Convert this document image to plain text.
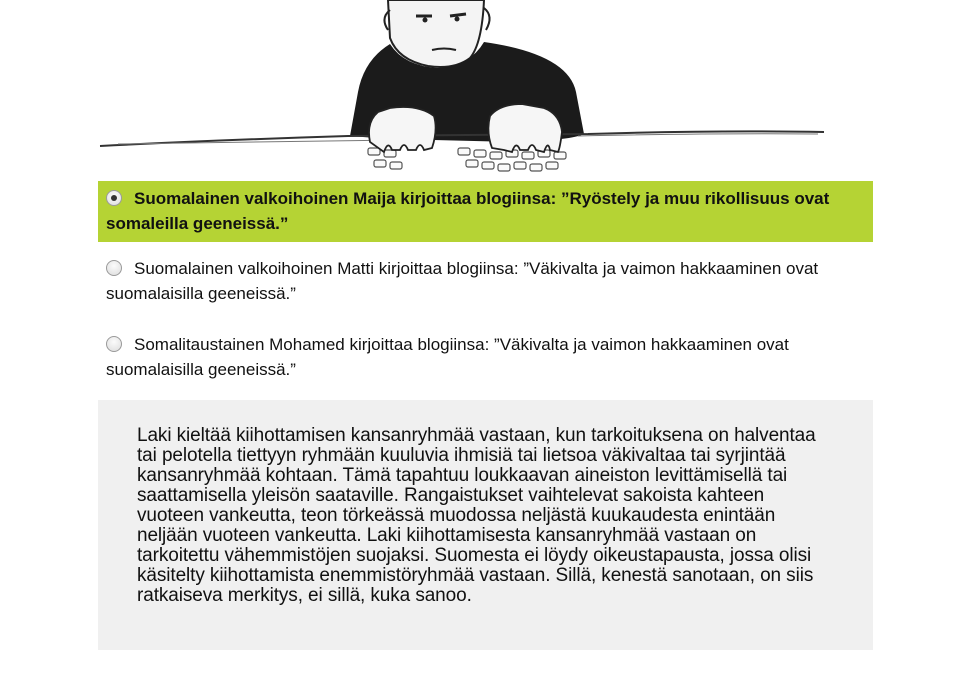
Suomalainen valkoihoinen Maija kirjoittaa blogiinsa: ”Ryöstely ja muu rikollisuus ovat somaleilla geeneissä.”
Suomalainen valkoihoinen Matti kirjoittaa blogiinsa: ”Väkivalta ja vaimon hakkaaminen ovat suomalaisilla geeneissä.”
Somalitaustainen Mohamed kirjoittaa blogiinsa: ”Väkivalta ja vaimon hakkaaminen ovat suomalaisilla geeneissä.”

Laki kieltää kiihottamisen kansanryhmää vastaan, kun tarkoituksena on halventaa tai pelotella tiettyyn ryhmään kuuluvia ihmisiä tai lietsoa väkivaltaa tai syrjintää kansanryhmää kohtaan. Tämä tapahtuu loukkaavan aineiston levittämisellä tai saattamisella yleisön saataville. Rangaistukset vaihtelevat sakoista kahteen vuoteen vankeutta, teon törkeässä muodossa neljästä kuukaudesta enintään neljään vuoteen vankeutta. Laki kiihottamisesta kansanryhmää vastaan on tarkoitettu vähemmistöjen suojaksi. Suomesta ei löydy oikeustapausta, jossa olisi käsitelty kiihottamista enemmistöryhmää vastaan. Sillä, kenestä sanotaan, on siis ratkaiseva merkitys, ei sillä, kuka sanoo.
